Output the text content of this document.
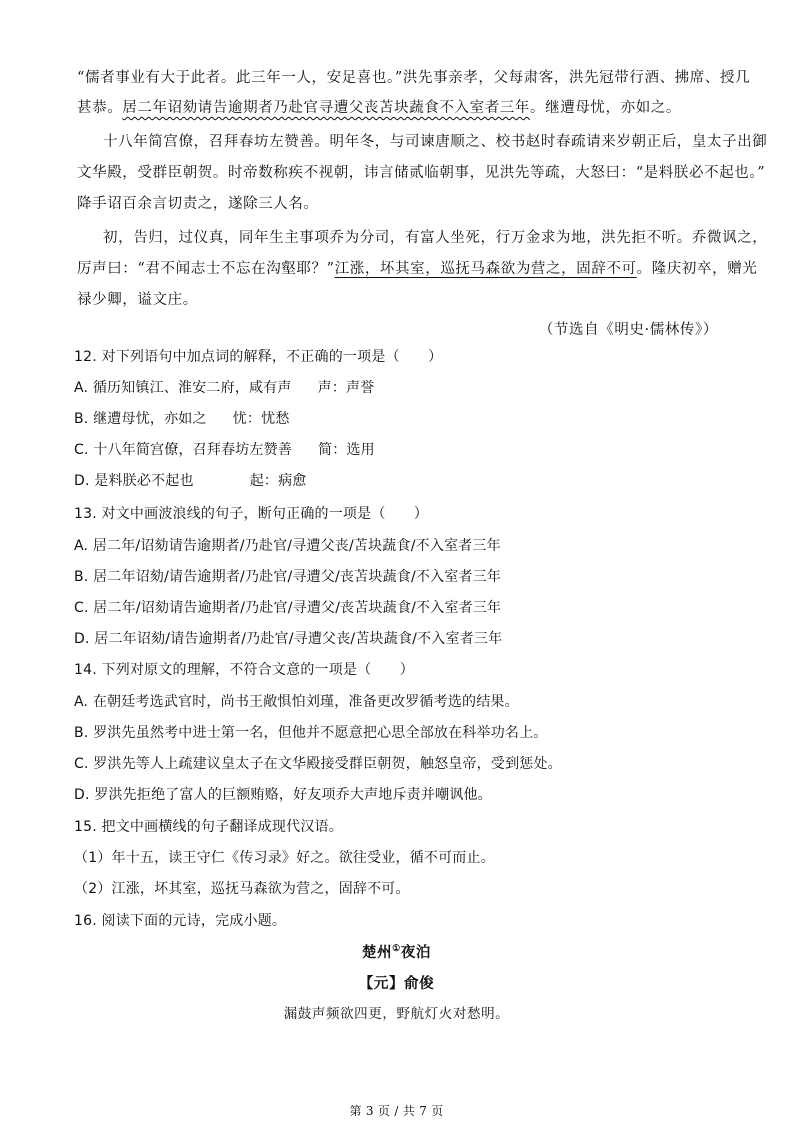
“儒者事业有大于此者。此三年一人，安足喜也。”洪先事亲孝，父每肃客，洪先冠带行酒、拂席、授几

甚恭。居二年诏劾请告逾期者乃赴官寻遭父丧苫块蔬食不入室者三年。继遭母忧，亦如之。

十八年简宫僚，召拜春坊左赞善。明年冬，与司谏唐顺之、校书赵时春疏请来岁朝正后，皇太子出御

文华殿，受群臣朝贺。时帝数称疾不视朝，讳言储贰临朝事，见洪先等疏，大怒曰：“是料朕必不起也。”

降手诏百余言切责之，遂除三人名。

初，告归，过仪真，同年生主事项乔为分司，有富人坐死，行万金求为地，洪先拒不听。乔微讽之，

厉声曰：“君不闻志士不忘在沟壑耶？”江涨，坏其室，巡抚马森欲为营之，固辞不可。隆庆初卒，赠光

禄少卿，谥文庄。

（节选自《明史·儒林传》）

12. 对下列语句中加点词的解释，不正确的一项是（　　）

A. 循历知镇江、淮安二府，咸有声 声：声誉

B. 继遭母忧，亦如之 忧：忧愁

C. 十八年简宫僚，召拜春坊左赞善 简：选用

D. 是料朕必不起也	起：病愈

13. 对文中画波浪线的句子，断句正确的一项是（　　）

A. 居二年/诏劾请告逾期者/乃赴官/寻遭父丧/苫块蔬食/不入室者三年

B. 居二年诏劾/请告逾期者/乃赴官/寻遭父/丧苫块蔬食/不入室者三年

C. 居二年/诏劾请告逾期者/乃赴官/寻遭父/丧苫块蔬食/不入室者三年

D. 居二年诏劾/请告逾期者/乃赴官/寻遭父丧/苫块蔬食/不入室者三年

14. 下列对原文的理解，不符合文意的一项是（　　）

A. 在朝廷考选武官时，尚书王敞惧怕刘瑾，准备更改罗循考选的结果。

B. 罗洪先虽然考中进士第一名，但他并不愿意把心思全部放在科举功名上。

C. 罗洪先等人上疏建议皇太子在文华殿接受群臣朝贺，触怒皇帝，受到惩处。

D. 罗洪先拒绝了富人的巨额贿赂，好友项乔大声地斥责并嘲讽他。

15. 把文中画横线的句子翻译成现代汉语。

（1）年十五，读王守仁《传习录》好之。欲往受业，循不可而止。

（2）江涨，坏其室，巡抚马森欲为营之，固辞不可。

16. 阅读下面的元诗，完成小题。

楚州①夜泊
【元】俞俊
漏鼓声频欲四更，野航灯火对愁明。
第 3 页 / 共 7 页
